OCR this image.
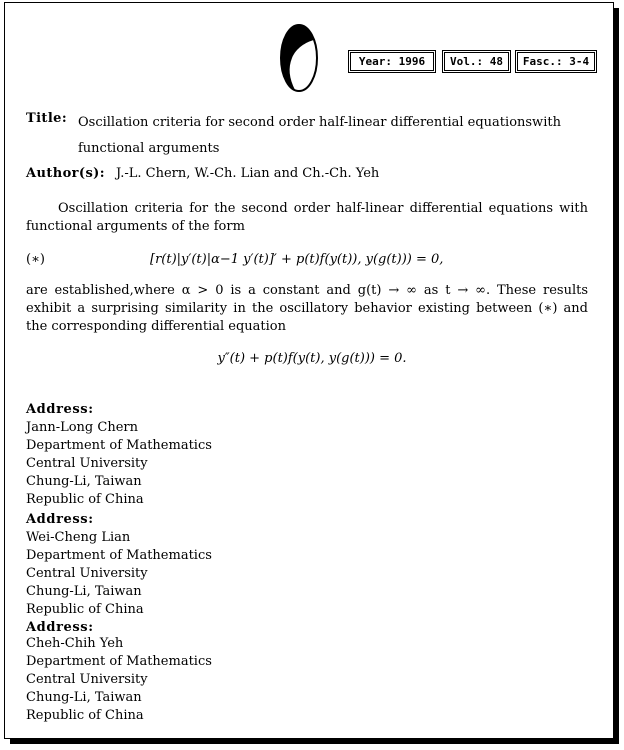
Year: 1996	Vol.: 48	Fasc.: 3-4
Title: Oscillation criteria for second order half-linear differential equationswith functional arguments
Author(s): J.-L. Chern, W.-Ch. Lian and Ch.-Ch. Yeh
Oscillation criteria for the second order half-linear differential equations with functional arguments of the form
(∗)	[r(t)|y′(t)|α−1 y′(t)]′ + p(t)f(y(t)), y(g(t))) = 0,
are established,where α > 0 is a constant and g(t) → ∞ as t → ∞. These results exhibit a surprising similarity in the oscillatory behavior existing between (∗) and the corresponding differential equation
y″(t) + p(t)f(y(t), y(g(t))) = 0.
Address:
Jann-Long Chern
Department of Mathematics
Central University
Chung-Li, Taiwan
Republic of China
Address:
Wei-Cheng Lian
Department of Mathematics
Central University
Chung-Li, Taiwan
Republic of China
Address:
Cheh-Chih Yeh
Department of Mathematics
Central University
Chung-Li, Taiwan
Republic of China
